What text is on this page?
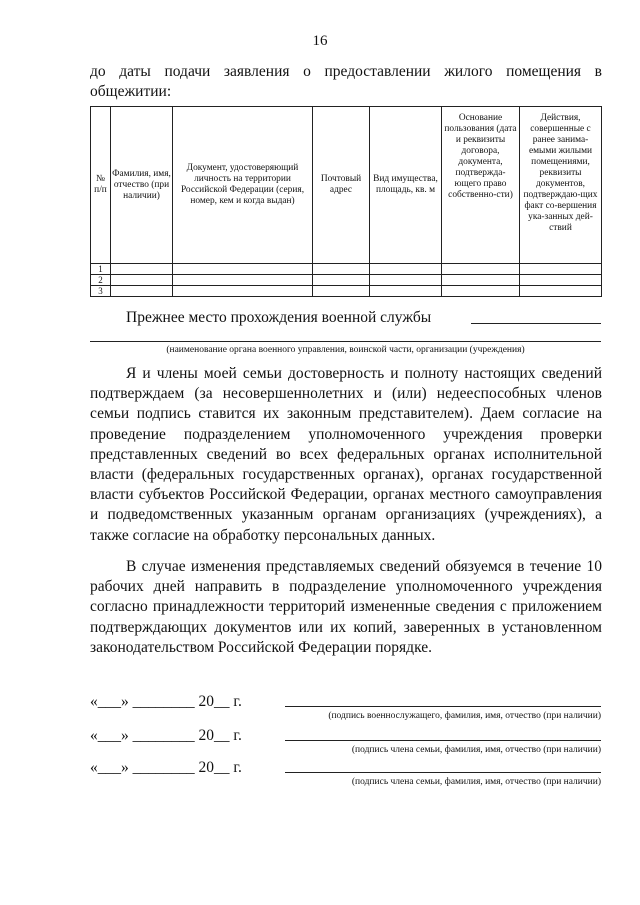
16
до даты подачи заявления о предоставлении жилого помещения в общежитии:
№ п/п	Фамилия, имя, отчество (при наличии)	Документ, удостоверяющий личность на территории Российской Федерации (серия, номер, кем и когда выдан)	Почтовый адрес	Вид имущества, площадь, кв. м	Основание пользования (дата и реквизиты договора, документа, подтвержда-ющего право собственно-сти)	Действия, совершенные с ранее занима-емыми жилыми помещениями, реквизиты документов, подтверждаю-щих факт со-вершения ука-занных дей-ствий
1						
2						
3						
Прежнее место прохождения военной службы
(наименование органа военного управления, воинской части, организации (учреждения)

Я и члены моей семьи достоверность и полноту настоящих сведений подтверждаем (за несовершеннолетних и (или) недееспособных членов семьи подпись ставится их законным представителем). Даем согласие на проведение подразделением уполномоченного учреждения проверки представленных сведений во всех федеральных органах исполнительной власти (федеральных государственных органах), органах государственной власти субъектов Российской Федерации, органах местного самоуправления и подведомственных указанным органам организациях (учреждениях), а также согласие на обработку персональных данных.

В случае изменения представляемых сведений обязуемся в течение 10 рабочих дней направить в подразделение уполномоченного учреждения согласно принадлежности территорий измененные сведения с приложением подтверждающих документов или их копий, заверенных в установленном законодательством Российской Федерации порядке.

«___» ________ 20__ г.
(подпись военнослужащего, фамилия, имя, отчество (при наличии)
«___» ________ 20__ г.
(подпись члена семьи, фамилия, имя, отчество (при наличии)
«___» ________ 20__ г.
(подпись члена семьи, фамилия, имя, отчество (при наличии)
